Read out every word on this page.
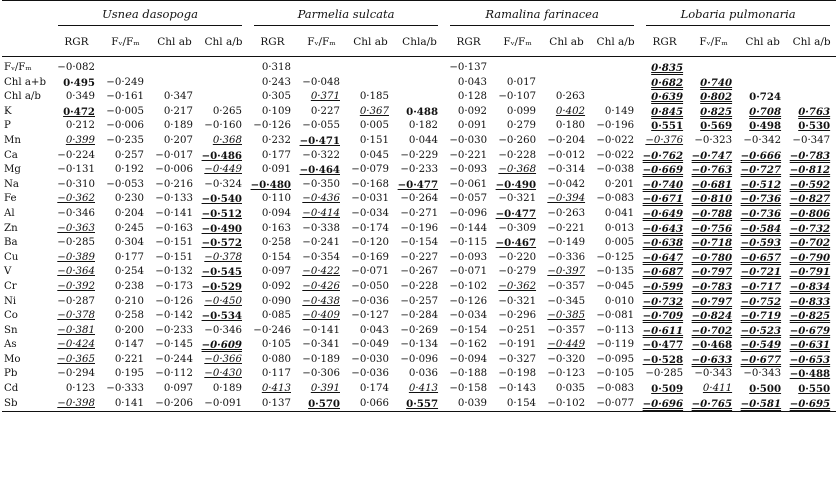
	Usnea dasopoga				Parmelia sulcata				Ramalina farinacea				Lobaria pulmonaria			
	RGR	Fᵥ/Fₘ	Chl ab	Chl a/b	RGR	Fᵥ/Fₘ	Chl ab	Chla/b	RGR	Fᵥ/Fₘ	Chl ab	Chl a/b	RGR	Fᵥ/Fₘ	Chl ab	Chl a/b
Fᵥ/Fₘ	−0·082				0·318				−0·137				0·835			
Chl a+b	0·495	−0·249			0·243	−0·048			0·043	0·017			0·682	0·740		
Chl a/b	0·349	−0·161	0·347		0·305	0·371	0·185		0·128	−0·107	0·263		0·639	0·802	0·724	
K	0·472	−0·005	0·217	0·265	0·109	0·227	0·367	0·488	0·092	0·099	0·402	0·149	0·845	0·825	0·708	0·763
P	0·212	−0·006	0·189	−0·160	−0·126	−0·055	0·005	0·182	0·091	0·279	0·180	−0·196	0·551	0·569	0·498	0·530
Mn	0·399	−0·235	0·207	0·368	0·232	−0·471	0·151	0·044	−0·030	−0·260	−0·204	−0·022	−0·376	−0·323	−0·342	−0·347
Ca	−0·224	0·257	−0·017	−0·486	0·177	−0·322	0·045	−0·229	−0·221	−0·228	−0·012	−0·022	−0·762	−0·747	−0·666	−0·783
Mg	−0·131	0·192	−0·006	−0·449	0·091	−0·464	−0·079	−0·233	−0·093	−0·368	−0·314	−0·038	−0·669	−0·763	−0·727	−0·812
Na	−0·310	−0·053	−0·216	−0·324	−0·480	−0·350	−0·168	−0·477	−0·061	−0·490	−0·042	0·201	−0·740	−0·681	−0·512	−0·592
Fe	−0·362	0·230	−0·133	−0·540	0·110	−0·436	−0·031	−0·264	−0·057	−0·321	−0·394	−0·083	−0·671	−0·810	−0·736	−0·827
Al	−0·346	0·204	−0·141	−0·512	0·094	−0·414	−0·034	−0·271	−0·096	−0·477	−0·263	0·041	−0·649	−0·788	−0·736	−0·806
Zn	−0·363	0·245	−0·163	−0·490	0·163	−0·338	−0·174	−0·196	−0·144	−0·309	−0·221	0·013	−0·643	−0·756	−0·584	−0·732
Ba	−0·285	0·304	−0·151	−0·572	0·258	−0·241	−0·120	−0·154	−0·115	−0·467	−0·149	0·005	−0·638	−0·718	−0·593	−0·702
Cu	−0·389	0·177	−0·151	−0·378	0·154	−0·354	−0·169	−0·227	−0·093	−0·220	−0·336	−0·125	−0·647	−0·780	−0·657	−0·790
V	−0·364	0·254	−0·132	−0·545	0·097	−0·422	−0·071	−0·267	−0·071	−0·279	−0·397	−0·135	−0·687	−0·797	−0·721	−0·791
Cr	−0·392	0·238	−0·173	−0·529	0·092	−0·426	−0·050	−0·228	−0·102	−0·362	−0·357	−0·045	−0·599	−0·783	−0·717	−0·834
Ni	−0·287	0·210	−0·126	−0·450	0·090	−0·438	−0·036	−0·257	−0·126	−0·321	−0·345	0·010	−0·732	−0·797	−0·752	−0·833
Co	−0·378	0·258	−0·142	−0·534	0·085	−0·409	−0·127	−0·284	−0·034	−0·296	−0·385	−0·081	−0·709	−0·824	−0·719	−0·825
Sn	−0·381	0·200	−0·233	−0·346	−0·246	−0·141	0·043	−0·269	−0·154	−0·251	−0·357	−0·113	−0·611	−0·702	−0·523	−0·679
As	−0·424	0·147	−0·145	−0·609	0·105	−0·341	−0·049	−0·134	−0·162	−0·191	−0·449	−0·119	−0·477	−0·468	−0·549	−0·631
Mo	−0·365	0·221	−0·244	−0·366	0·080	−0·189	−0·030	−0·096	−0·094	−0·327	−0·320	−0·095	−0·528	−0·633	−0·677	−0·653
Pb	−0·294	0·195	−0·112	−0·430	0·117	−0·306	−0·036	0·036	−0·188	−0·198	−0·123	−0·105	−0·285	−0·343	−0·343	−0·488
Cd	0·123	−0·333	0·097	0·189	0·413	0·391	0·174	0·413	−0·158	−0·143	0·035	−0·083	0·509	0·411	0·500	0·550
Sb	−0·398	0·141	−0·206	−0·091	0·137	0·570	0·066	0·557	0·039	0·154	−0·102	−0·077	−0·696	−0·765	−0·581	−0·695
